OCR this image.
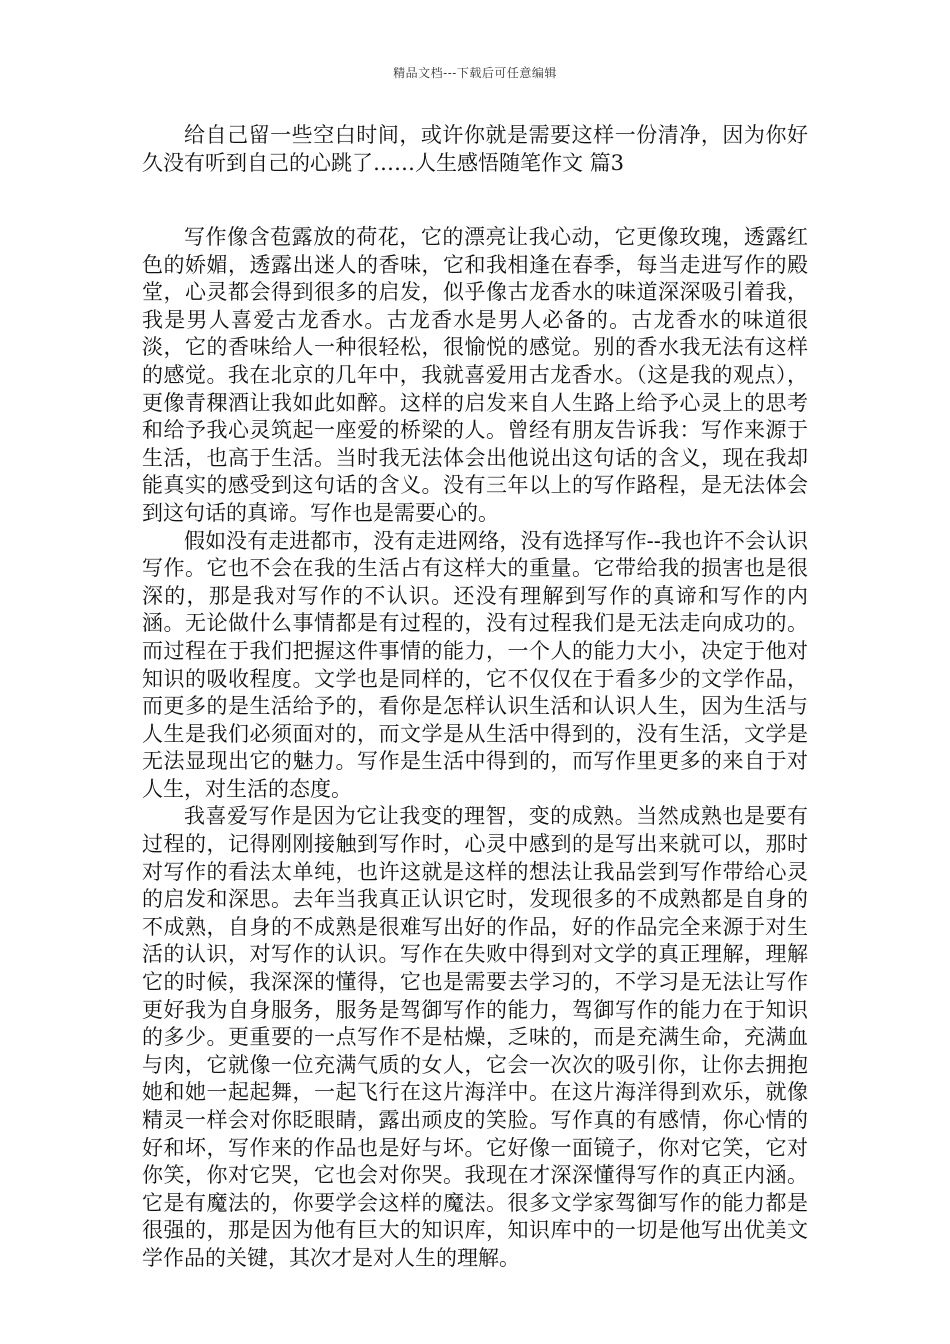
精品文档---下载后可任意编辑

给自己留一些空白时间，或许你就是需要这样一份清净，因为你好久没有听到自己的心跳了……人生感悟随笔作文 篇3

写作像含苞露放的荷花，它的漂亮让我心动，它更像玫瑰，透露红色的娇媚，透露出迷人的香味，它和我相逢在春季，每当走进写作的殿堂，心灵都会得到很多的启发，似乎像古龙香水的味道深深吸引着我，我是男人喜爱古龙香水。古龙香水是男人必备的。古龙香水的味道很淡，它的香味给人一种很轻松，很愉悦的感觉。别的香水我无法有这样的感觉。我在北京的几年中，我就喜爱用古龙香水。（这是我的观点），更像青稞酒让我如此如醉。这样的启发来自人生路上给予心灵上的思考和给予我心灵筑起一座爱的桥梁的人。曾经有朋友告诉我：写作来源于生活，也高于生活。当时我无法体会出他说出这句话的含义，现在我却能真实的感受到这句话的含义。没有三年以上的写作路程，是无法体会到这句话的真谛。写作也是需要心的。

假如没有走进都市，没有走进网络，没有选择写作--我也许不会认识写作。它也不会在我的生活占有这样大的重量。它带给我的损害也是很深的，那是我对写作的不认识。还没有理解到写作的真谛和写作的内涵。无论做什么事情都是有过程的，没有过程我们是无法走向成功的。而过程在于我们把握这件事情的能力，一个人的能力大小，决定于他对知识的吸收程度。文学也是同样的，它不仅仅在于看多少的文学作品，而更多的是生活给予的，看你是怎样认识生活和认识人生，因为生活与人生是我们必须面对的，而文学是从生活中得到的，没有生活，文学是无法显现出它的魅力。写作是生活中得到的，而写作里更多的来自于对人生，对生活的态度。

我喜爱写作是因为它让我变的理智，变的成熟。当然成熟也是要有过程的，记得刚刚接触到写作时，心灵中感到的是写出来就可以，那时对写作的看法太单纯，也许这就是这样的想法让我品尝到写作带给心灵的启发和深思。去年当我真正认识它时，发现很多的不成熟都是自身的不成熟，自身的不成熟是很难写出好的作品，好的作品完全来源于对生活的认识，对写作的认识。写作在失败中得到对文学的真正理解，理解它的时候，我深深的懂得，它也是需要去学习的，不学习是无法让写作更好我为自身服务，服务是驾御写作的能力，驾御写作的能力在于知识的多少。更重要的一点写作不是枯燥，乏味的，而是充满生命，充满血与肉，它就像一位充满气质的女人，它会一次次的吸引你，让你去拥抱她和她一起起舞，一起飞行在这片海洋中。在这片海洋得到欢乐，就像精灵一样会对你眨眼睛，露出顽皮的笑脸。写作真的有感情，你心情的好和坏，写作来的作品也是好与坏。它好像一面镜子，你对它笑，它对你笑，你对它哭，它也会对你哭。我现在才深深懂得写作的真正内涵。它是有魔法的，你要学会这样的魔法。很多文学家驾御写作的能力都是很强的，那是因为他有巨大的知识库，知识库中的一切是他写出优美文学作品的关键，其次才是对人生的理解。
